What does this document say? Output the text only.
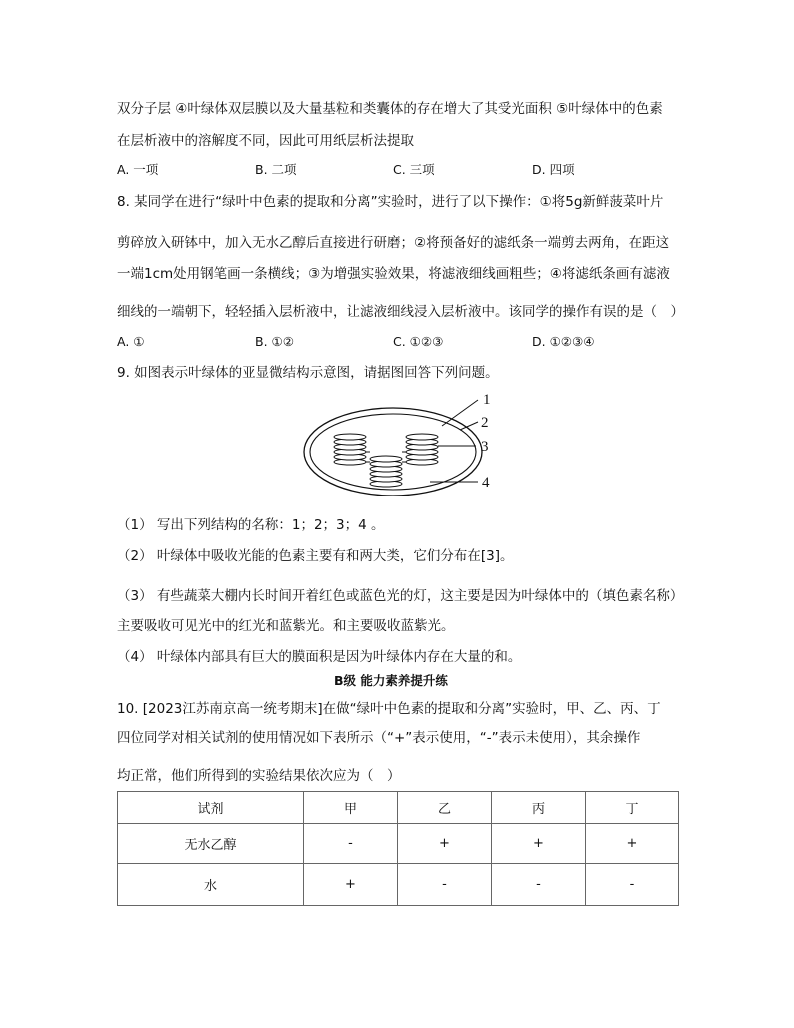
双分子层 ④叶绿体双层膜以及大量基粒和类囊体的存在增大了其受光面积 ⑤叶绿体中的色素
在层析液中的溶解度不同，因此可用纸层析法提取
A. 一项	B. 二项	C. 三项	D. 四项
8. 某同学在进行“绿叶中色素的提取和分离”实验时，进行了以下操作：①将5g新鲜菠菜叶片
剪碎放入研钵中，加入无水乙醇后直接进行研磨；②将预备好的滤纸条一端剪去两角，在距这
一端1cm处用钢笔画一条横线；③为增强实验效果，将滤液细线画粗些；④将滤纸条画有滤液
细线的一端朝下，轻轻插入层析液中，让滤液细线浸入层析液中。该同学的操作有误的是（　）
A. ①	B. ①②	C. ①②③	D. ①②③④
9. 如图表示叶绿体的亚显微结构示意图，请据图回答下列问题。
1
2
3
4
（1） 写出下列结构的名称：1；2；3；4 。
（2） 叶绿体中吸收光能的色素主要有和两大类，它们分布在[3]。
（3） 有些蔬菜大棚内长时间开着红色或蓝色光的灯，这主要是因为叶绿体中的（填色素名称）
主要吸收可见光中的红光和蓝紫光。和主要吸收蓝紫光。
（4） 叶绿体内部具有巨大的膜面积是因为叶绿体内存在大量的和。
B级 能力素养提升练
10. [2023江苏南京高一统考期末]在做“绿叶中色素的提取和分离”实验时，甲、乙、丙、丁
四位同学对相关试剂的使用情况如下表所示（“+”表示使用，“-”表示未使用），其余操作
均正常，他们所得到的实验结果依次应为（　）
试剂	甲	乙	丙	丁
无水乙醇	-	+	+	+
水	+	-	-	-
